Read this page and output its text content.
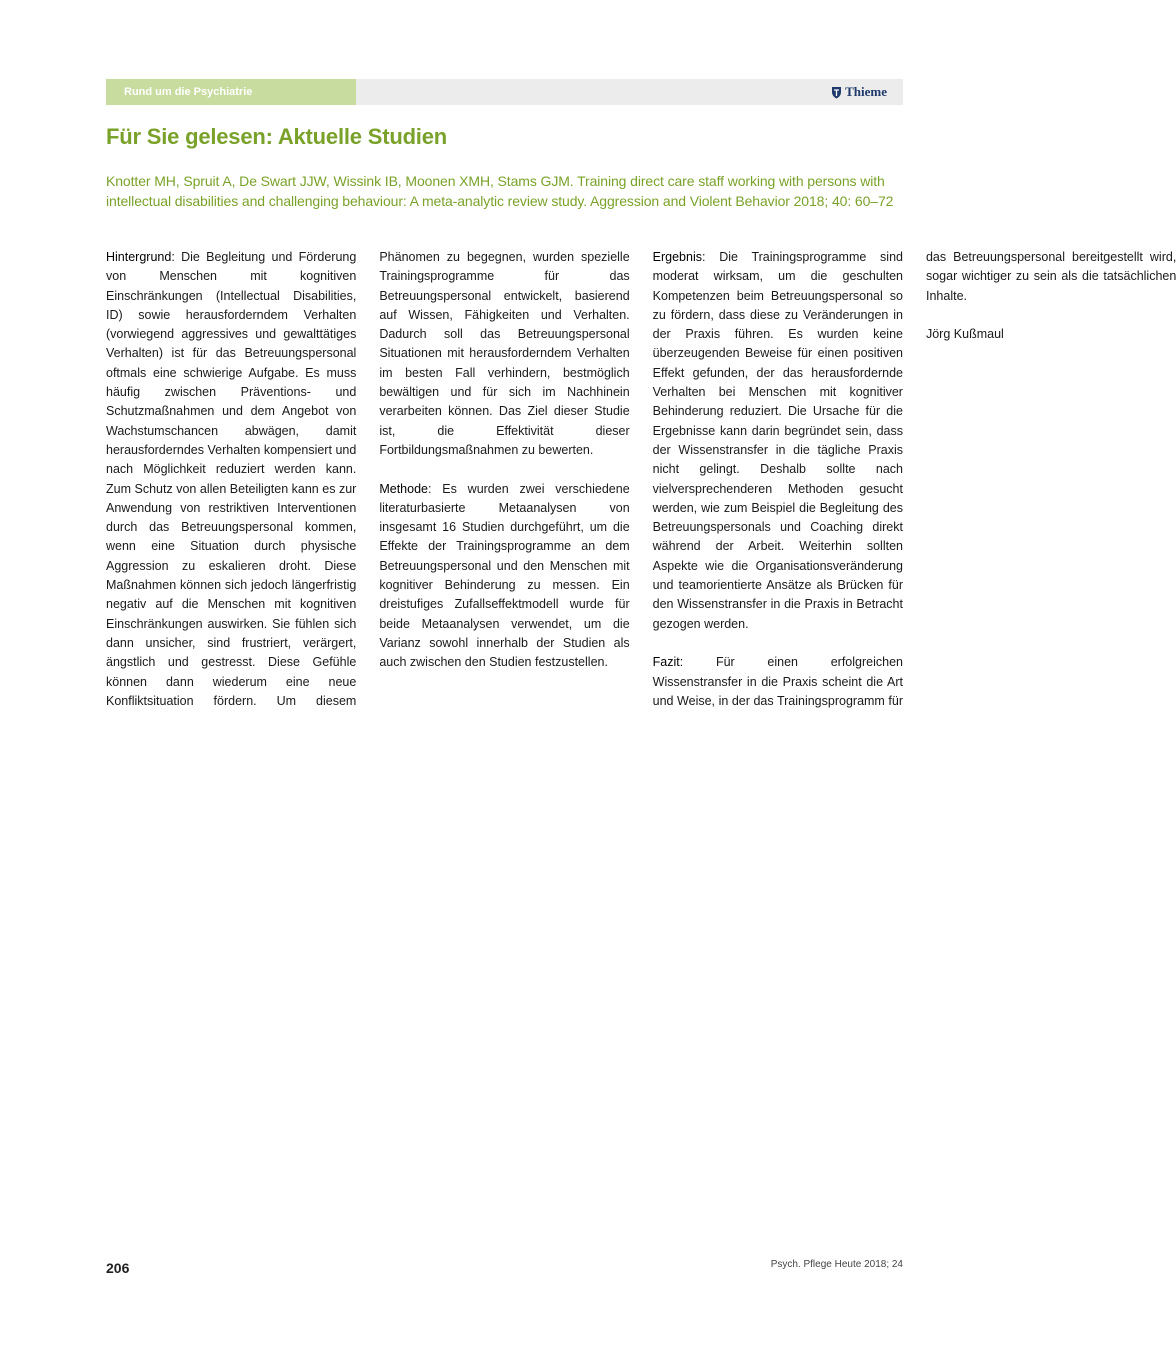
Rund um die Psychiatrie	Thieme
Für Sie gelesen: Aktuelle Studien

Knotter MH, Spruit A, De Swart JJW, Wissink IB, Moonen XMH, Stams GJM. Training direct care staff working with persons with intellectual disabilities and challenging behaviour: A meta-analytic review study. Aggression and Violent Behavior 2018; 40: 60–72

Hintergrund: Die Begleitung und Förderung von Menschen mit kognitiven Einschränkungen (Intellectual Disabilities, ID) sowie herausforderndem Verhalten (vorwiegend aggressives und gewalttätiges Verhalten) ist für das Betreuungspersonal oftmals eine schwierige Aufgabe. Es muss häufig zwischen Präventions- und Schutzmaßnahmen und dem Angebot von Wachstumschancen abwägen, damit herausforderndes Verhalten kompensiert und nach Möglichkeit reduziert werden kann. Zum Schutz von allen Beteiligten kann es zur Anwendung von restriktiven Interventionen durch das Betreuungspersonal kommen, wenn eine Situation durch physische Aggression zu eskalieren droht. Diese Maßnahmen können sich jedoch längerfristig negativ auf die Menschen mit kognitiven Einschränkungen auswirken. Sie fühlen sich dann unsicher, sind frustriert, verärgert, ängstlich und gestresst. Diese Gefühle können dann wiederum eine neue Konfliktsituation fördern. Um diesem Phänomen zu begegnen, wurden spezielle Trainingsprogramme für das Betreuungspersonal entwickelt, basierend auf Wissen, Fähigkeiten und Verhalten. Dadurch soll das Betreuungspersonal Situationen mit herausforderndem Verhalten im besten Fall verhindern, bestmöglich bewältigen und für sich im Nachhinein verarbeiten können. Das Ziel dieser Studie ist, die Effektivität dieser Fortbildungsmaßnahmen zu bewerten.

Methode: Es wurden zwei verschiedene literaturbasierte Metaanalysen von insgesamt 16 Studien durchgeführt, um die Effekte der Trainingsprogramme an dem Betreuungspersonal und den Menschen mit kognitiver Behinderung zu messen. Ein dreistufiges Zufallseffektmodell wurde für beide Metaanalysen verwendet, um die Varianz sowohl innerhalb der Studien als auch zwischen den Studien festzustellen.

Ergebnis: Die Trainingsprogramme sind moderat wirksam, um die geschulten Kompetenzen beim Betreuungspersonal so zu fördern, dass diese zu Veränderungen in der Praxis führen. Es wurden keine überzeugenden Beweise für einen positiven Effekt gefunden, der das herausfordernde Verhalten bei Menschen mit kognitiver Behinderung reduziert. Die Ursache für die Ergebnisse kann darin begründet sein, dass der Wissenstransfer in die tägliche Praxis nicht gelingt. Deshalb sollte nach vielversprechenderen Methoden gesucht werden, wie zum Beispiel die Begleitung des Betreuungspersonals und Coaching direkt während der Arbeit. Weiterhin sollten Aspekte wie die Organisationsveränderung und teamorientierte Ansätze als Brücken für den Wissenstransfer in die Praxis in Betracht gezogen werden.

Fazit: Für einen erfolgreichen Wissenstransfer in die Praxis scheint die Art und Weise, in der das Trainingsprogramm für das Betreuungspersonal bereitgestellt wird, sogar wichtiger zu sein als die tatsächlichen Inhalte.

Jörg Kußmaul

206	Psych. Pflege Heute 2018; 24
